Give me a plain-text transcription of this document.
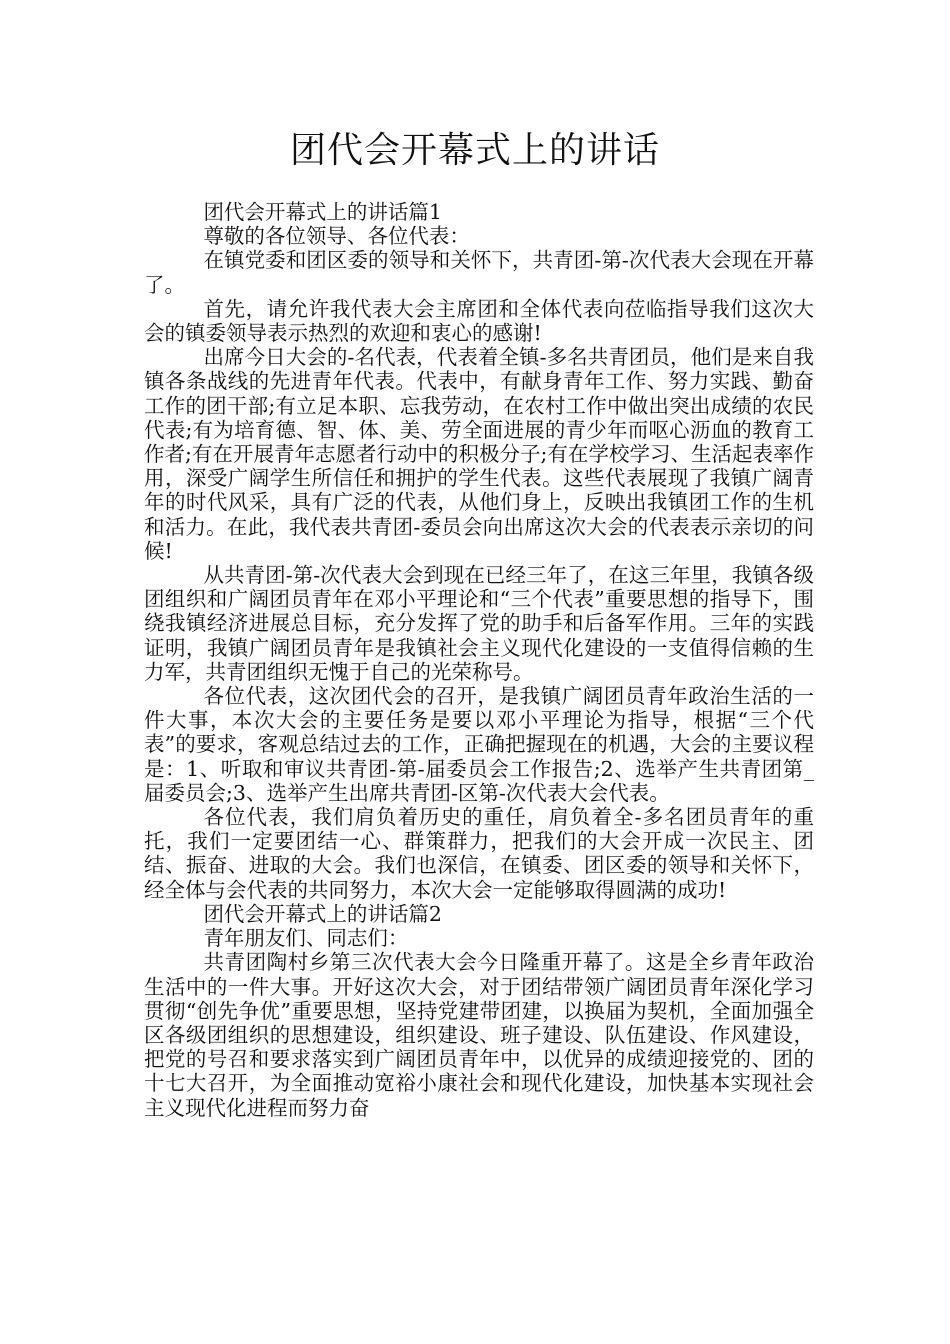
团代会开幕式上的讲话

团代会开幕式上的讲话篇1

尊敬的各位领导、各位代表：

在镇党委和团区委的领导和关怀下，共青团-第-次代表大会现在开幕了。

首先，请允许我代表大会主席团和全体代表向莅临指导我们这次大会的镇委领导表示热烈的欢迎和衷心的感谢!

出席今日大会的-名代表，代表着全镇-多名共青团员，他们是来自我镇各条战线的先进青年代表。代表中，有献身青年工作、努力实践、勤奋工作的团干部;有立足本职、忘我劳动，在农村工作中做出突出成绩的农民代表;有为培育德、智、体、美、劳全面进展的青少年而呕心沥血的教育工作者;有在开展青年志愿者行动中的积极分子;有在学校学习、生活起表率作用，深受广阔学生所信任和拥护的学生代表。这些代表展现了我镇广阔青年的时代风采，具有广泛的代表，从他们身上，反映出我镇团工作的生机和活力。在此，我代表共青团-委员会向出席这次大会的代表表示亲切的问候!

从共青团-第-次代表大会到现在已经三年了，在这三年里，我镇各级团组织和广阔团员青年在邓小平理论和“三个代表”重要思想的指导下，围绕我镇经济进展总目标，充分发挥了党的助手和后备军作用。三年的实践证明，我镇广阔团员青年是我镇社会主义现代化建设的一支值得信赖的生力军，共青团组织无愧于自己的光荣称号。

各位代表，这次团代会的召开，是我镇广阔团员青年政治生活的一件大事，本次大会的主要任务是要以邓小平理论为指导，根据“三个代表”的要求，客观总结过去的工作，正确把握现在的机遇，大会的主要议程是：1、听取和审议共青团-第-届委员会工作报告;2、选举产生共青团第_届委员会;3、选举产生出席共青团-区第-次代表大会代表。

各位代表，我们肩负着历史的重任，肩负着全-多名团员青年的重托，我们一定要团结一心、群策群力，把我们的大会开成一次民主、团结、振奋、进取的大会。我们也深信，在镇委、团区委的领导和关怀下，经全体与会代表的共同努力，本次大会一定能够取得圆满的成功!

团代会开幕式上的讲话篇2

青年朋友们、同志们：

共青团陶村乡第三次代表大会今日隆重开幕了。这是全乡青年政治生活中的一件大事。开好这次大会，对于团结带领广阔团员青年深化学习贯彻“创先争优”重要思想，坚持党建带团建，以换届为契机，全面加强全区各级团组织的思想建设，组织建设、班子建设、队伍建设、作风建设，把党的号召和要求落实到广阔团员青年中，以优异的成绩迎接党的、团的十七大召开，为全面推动宽裕小康社会和现代化建设，加快基本实现社会主义现代化进程而努力奋
